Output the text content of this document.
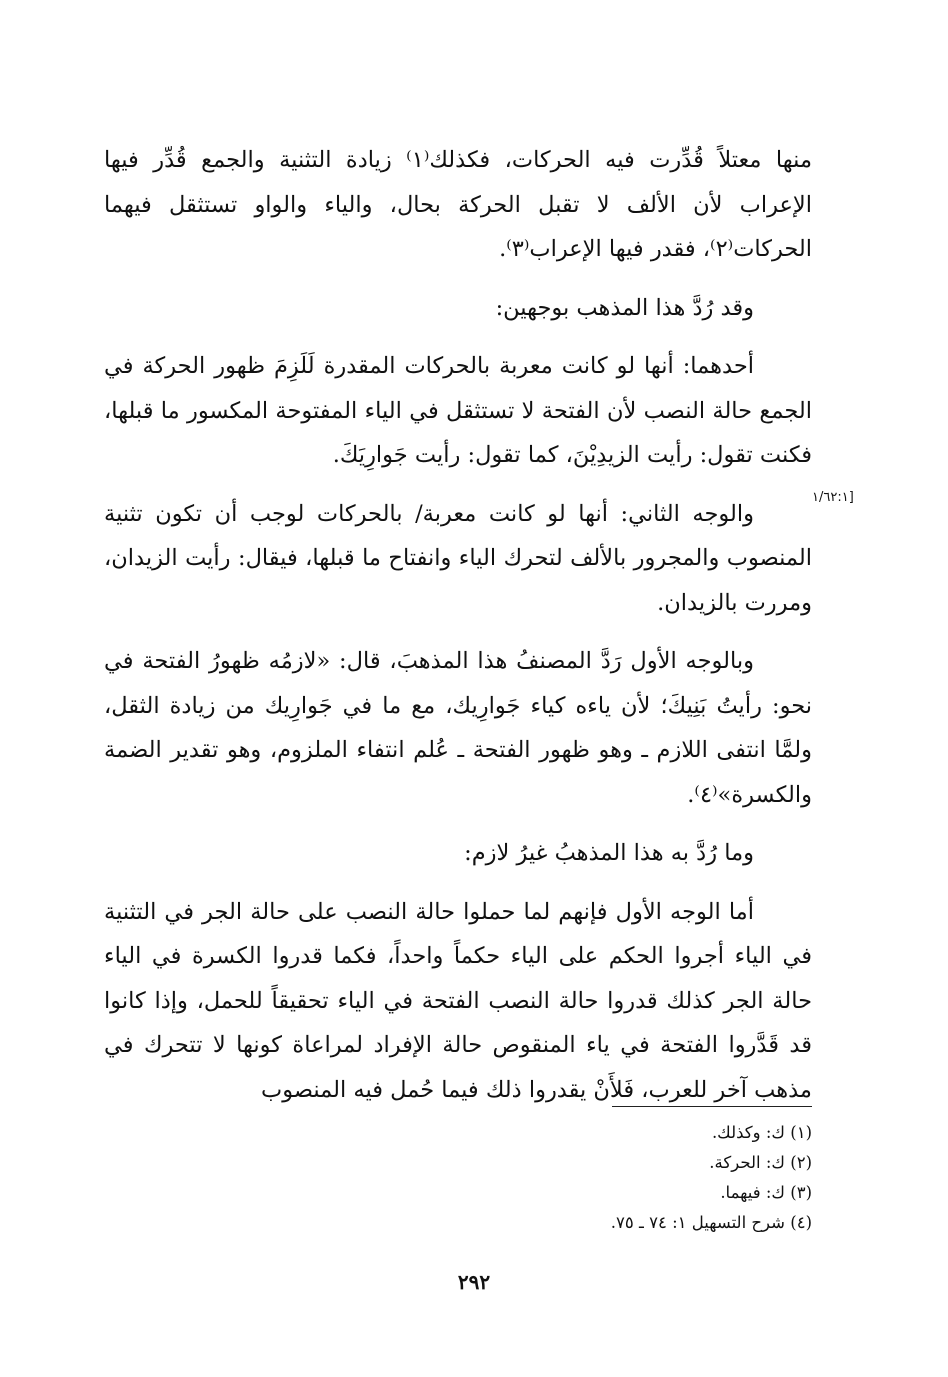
منها معتلاً قُدِّرت فيه الحركات، فكذلك⁽١⁾ زيادة التثنية والجمع قُدِّر فيها الإعراب لأن الألف لا تقبل الحركة بحال، والياء والواو تستثقل فيهما الحركات⁽٢⁾، فقدر فيها الإعراب⁽٣⁾.

وقد رُدَّ هذا المذهب بوجهين:

أحدهما: أنها لو كانت معربة بالحركات المقدرة لَلَزِمَ ظهور الحركة في الجمع حالة النصب لأن الفتحة لا تستثقل في الياء المفتوحة المكسور ما قبلها، فكنت تقول: رأيت الزيدِيْنَ، كما تقول: رأيت جَوارِيَكَ.

والوجه الثاني: أنها لو كانت معربة/ بالحركات لوجب أن تكون تثنية المنصوب والمجرور بالألف لتحرك الياء وانفتاح ما قبلها، فيقال: رأيت الزيدان، ومررت بالزيدان.

وبالوجه الأول رَدَّ المصنفُ هذا المذهبَ، قال: «لازمُه ظهورُ الفتحة في نحو: رأيتُ بَنِيكَ؛ لأن ياءه كياء جَوارِيك، مع ما في جَوارِيك من زيادة الثقل، ولمَّا انتفى اللازم ـ وهو ظهور الفتحة ـ عُلم انتفاء الملزوم، وهو تقدير الضمة والكسرة»⁽٤⁾.

وما رُدَّ به هذا المذهبُ غيرُ لازم:

أما الوجه الأول فإنهم لما حملوا حالة النصب على حالة الجر في التثنية في الياء أجروا الحكم على الياء حكماً واحداً، فكما قدروا الكسرة في الياء حالة الجر كذلك قدروا حالة النصب الفتحة في الياء تحقيقاً للحمل، وإذا كانوا قد قَدَّروا الفتحة في ياء المنقوص حالة الإفراد لمراعاة كونها لا تتحرك في مذهب آخر للعرب، فَلأَنْ يقدروا ذلك فيما حُمل فيه المنصوب

[١/٦٢:١
(١) ك: وكذلك.
(٢) ك: الحركة.
(٣) ك: فيهما.
(٤) شرح التسهيل ١: ٧٤ ـ ٧٥.
٢٩٢
